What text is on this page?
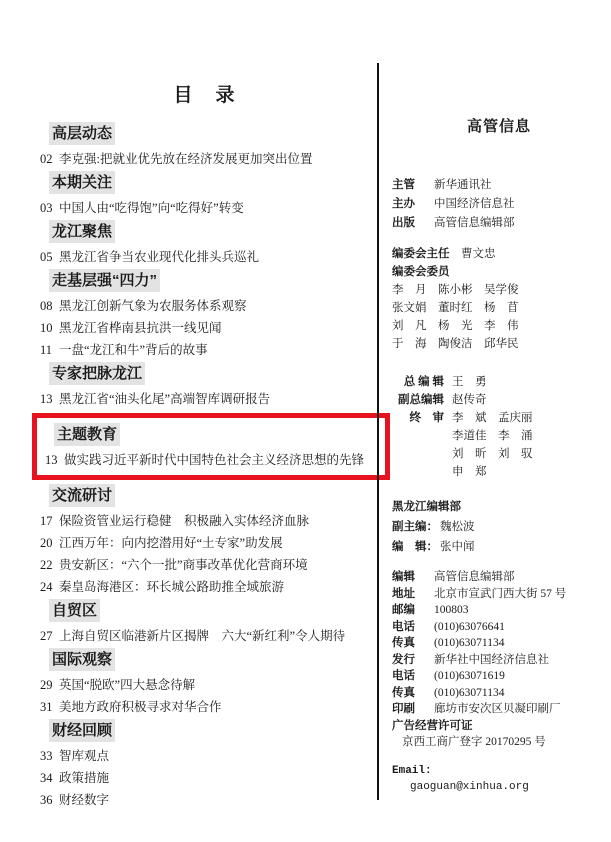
目　录
高层动态
02 李克强:把就业优先放在经济发展更加突出位置
本期关注
03 中国人由“吃得饱”向“吃得好”转变
龙江聚焦
05 黑龙江省争当农业现代化排头兵巡礼
走基层强“四力”
08 黑龙江创新气象为农服务体系观察
10 黑龙江省桦南县抗洪一线见闻
11 一盘“龙江和牛”背后的故事
专家把脉龙江
13 黑龙江省“油头化尾”高端智库调研报告
主题教育
13 做实践习近平新时代中国特色社会主义经济思想的先锋
交流研讨
17 保险资管业运行稳健　积极融入实体经济血脉
20 江西万年：向内挖潜用好“土专家”助发展
22 贵安新区：“六个一批”商事改革优化营商环境
24 秦皇岛海港区：环长城公路助推全域旅游
自贸区
27 上海自贸区临港新片区揭牌　六大“新红利”令人期待
国际观察
29 英国“脱欧”四大悬念待解
31 美地方政府积极寻求对华合作
财经回顾
33 智库观点
34 政策措施
36 财经数字
高管信息
主管 新华通讯社
主办 中国经济信息社
出版 高管信息编辑部
编委会主任　 曹文忠
编委会委员
李　月　陈小彬　吴学俊
张文娟　董时红　杨　苜
刘　凡　杨　光　李　伟
于　海　陶俊洁　邱华民
总 编 辑 王　勇
副总编辑 赵传奇
终　审 李　斌　孟庆丽
李道佳　李　涌
刘　昕　刘　驭
申　郑
黑龙江编辑部
副主编： 魏松波
编　辑： 张中闻
编辑 高管信息编辑部
地址 北京市宣武门西大街 57 号
邮编 100803
电话 (010)63076641
传真 (010)63071134
发行 新华社中国经济信息社
电话 (010)63071619
传真 (010)63071134
印刷 廊坊市安次区贝凝印刷厂
广告经营许可证
京西工商广登字 20170295 号
Email:
gaoguan@xinhua.org
